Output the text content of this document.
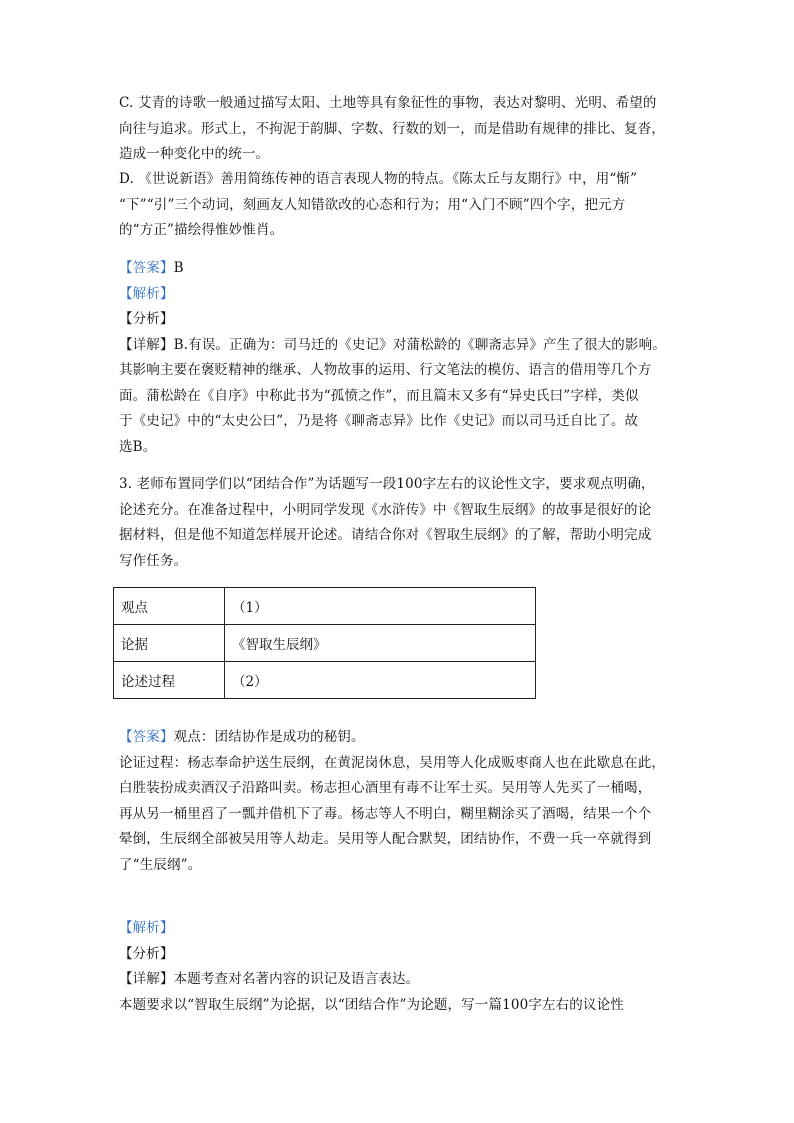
C. 艾青的诗歌一般通过描写太阳、土地等具有象征性的事物，表达对黎明、光明、希望的
向往与追求。形式上，不拘泥于韵脚、字数、行数的划一，而是借助有规律的排比、复沓，
造成一种变化中的统一。
D. 《世说新语》善用简练传神的语言表现人物的特点。《陈太丘与友期行》中，用“惭”
“下”“引”三个动词，刻画友人知错欲改的心态和行为；用“入门不顾”四个字，把元方
的“方正”描绘得惟妙惟肖。
【答案】B
【解析】
【分析】
【详解】B.有误。正确为：司马迁的《史记》对蒲松龄的《聊斋志异》产生了很大的影响。
其影响主要在褒贬精神的继承、人物故事的运用、行文笔法的模仿、语言的借用等几个方
面。蒲松龄在《自序》中称此书为“孤愤之作”，而且篇末又多有“异史氏曰”字样，类似
于《史记》中的“太史公曰”，乃是将《聊斋志异》比作《史记》而以司马迁自比了。故
选B。
3. 老师布置同学们以“团结合作”为话题写一段100字左右的议论性文字，要求观点明确，
论述充分。在准备过程中，小明同学发现《水浒传》中《智取生辰纲》的故事是很好的论
据材料，但是他不知道怎样展开论述。请结合你对《智取生辰纲》的了解，帮助小明完成
写作任务。
观点	（1）
论据	《智取生辰纲》
论述过程	（2）
【答案】观点：团结协作是成功的秘钥。
论证过程：杨志奉命护送生辰纲，在黄泥岗休息，吴用等人化成贩枣商人也在此歇息在此，
白胜装扮成卖酒汉子沿路叫卖。杨志担心酒里有毒不让军士买。吴用等人先买了一桶喝，
再从另一桶里舀了一瓢并借机下了毒。杨志等人不明白，糊里糊涂买了酒喝，结果一个个
晕倒，生辰纲全部被吴用等人劫走。吴用等人配合默契，团结协作，不费一兵一卒就得到
了“生辰纲”。
【解析】
【分析】
【详解】本题考查对名著内容的识记及语言表达。
本题要求以“智取生辰纲”为论据，以“团结合作”为论题，写一篇100字左右的议论性
